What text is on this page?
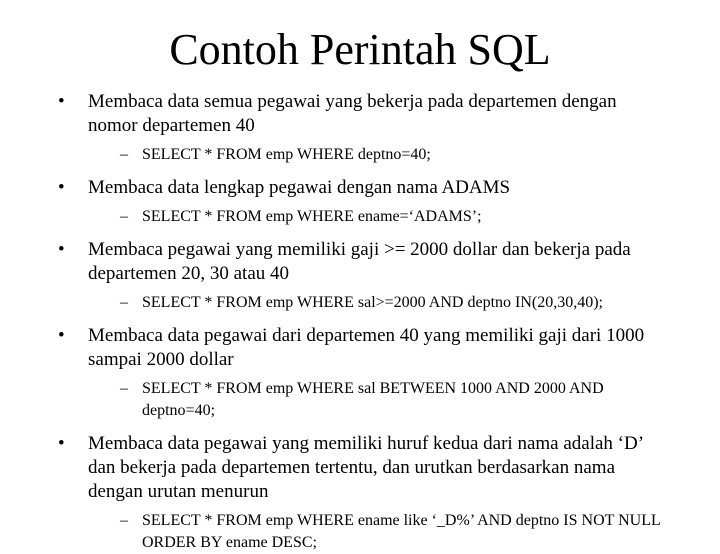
Contoh Perintah SQL
• Membaca data semua pegawai yang bekerja pada departemen dengan nomor departemen 40
– SELECT * FROM emp WHERE deptno=40;
• Membaca data lengkap pegawai dengan nama ADAMS
– SELECT * FROM emp WHERE ename=‘ADAMS’;
• Membaca pegawai yang memiliki gaji >= 2000 dollar dan bekerja pada departemen 20, 30 atau 40
– SELECT * FROM emp WHERE sal>=2000 AND deptno IN(20,30,40);
• Membaca data pegawai dari departemen 40 yang memiliki gaji dari 1000 sampai 2000 dollar
– SELECT * FROM emp WHERE sal BETWEEN 1000 AND 2000 AND deptno=40;
• Membaca data pegawai yang memiliki huruf kedua dari nama adalah ‘D’ dan bekerja pada departemen tertentu, dan urutkan berdasarkan nama dengan urutan menurun
– SELECT * FROM emp WHERE ename like ‘_D%’ AND deptno IS NOT NULL ORDER BY ename DESC;
